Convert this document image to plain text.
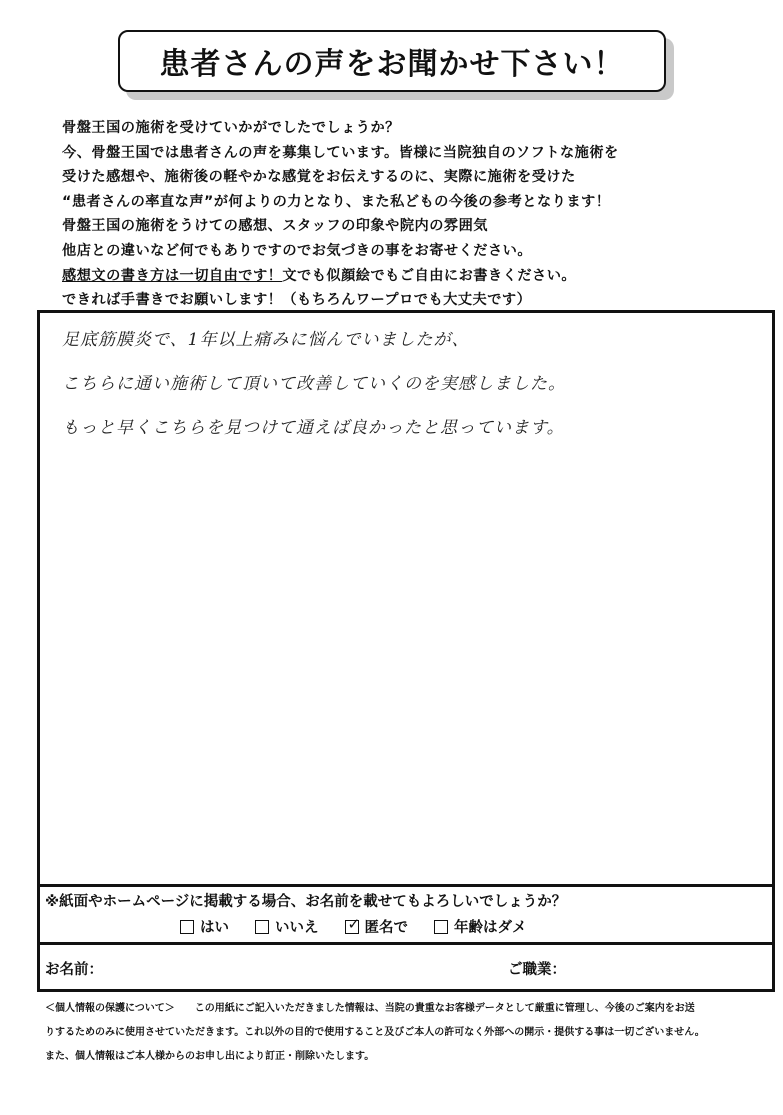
患者さんの声をお聞かせ下さい！
骨盤王国の施術を受けていかがでしたでしょうか？
今、骨盤王国では患者さんの声を募集しています。皆様に当院独自のソフトな施術を
受けた感想や、施術後の軽やかな感覚をお伝えするのに、実際に施術を受けた
“患者さんの率直な声”が何よりの力となり、また私どもの今後の参考となります！
骨盤王国の施術をうけての感想、スタッフの印象や院内の雰囲気
他店との違いなど何でもありですのでお気づきの事をお寄せください。
感想文の書き方は一切自由です！文でも似顔絵でもご自由にお書きください。
できれば手書きでお願いします！（もちろんワープロでも大丈夫です）
足底筋膜炎で、1年以上痛みに悩んでいましたが、
こちらに通い施術して頂いて改善していくのを実感しました。
もっと早くこちらを見つけて通えば良かったと思っています。
※紙面やホームページに掲載する場合、お名前を載せてもよろしいでしょうか？
はい	いいえ ✓ 匿名で	年齢はダメ
お名前：	ご職業：
＜個人情報の保護について＞　　この用紙にご記入いただきました情報は、当院の貴重なお客様データとして厳重に管理し、今後のご案内をお送
りするためのみに使用させていただきます。これ以外の目的で使用すること及びご本人の許可なく外部への開示・提供する事は一切ございません。
また、個人情報はご本人様からのお申し出により訂正・削除いたします。
